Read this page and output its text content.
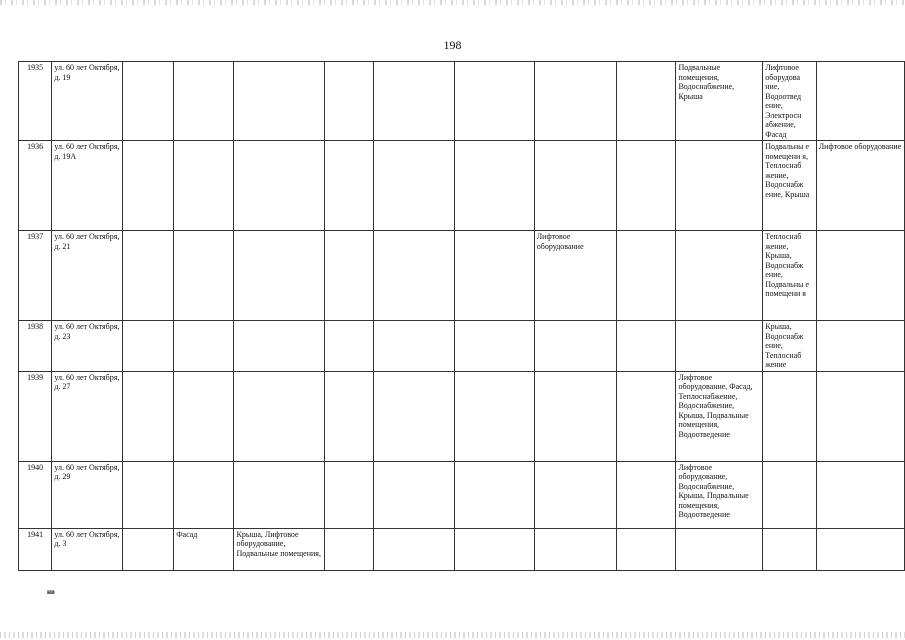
198
1935	ул. 60 лет Октября, д. 19									Подвальные помещения, Водоснабжение, Крыша	Лифтовое оборудова ние, Водоотвед ение, Электросн абжение, Фасад	
1936	ул. 60 лет Октября, д. 19А										Подвальны е помещени я, Теплоснаб жение, Водоснабж ение, Крыша	Лифтовое оборудование
1937	ул. 60 лет Октября, д. 21							Лифтовое оборудование			Теплоснаб жение, Крыша, Водоснабж ение, Подвальны е помещени я	
1938	ул. 60 лет Октября, д. 23										Крыша, Водоснабж ение, Теплоснаб жение	
1939	ул. 60 лет Октября, д. 27									Лифтовое оборудование, Фасад, Теплоснабжение, Водоснабжение, Крыша, Подвальные помещения, Водоотведение		
1940	ул. 60 лет Октября, д. 29									Лифтовое оборудование, Водоснабжение, Крыша, Подвальные помещения, Водоотведение		
1941	ул. 60 лет Октября, д. 3		Фасад	Крыша, Лифтовое оборудование, Подвальные помещения,								
нв
